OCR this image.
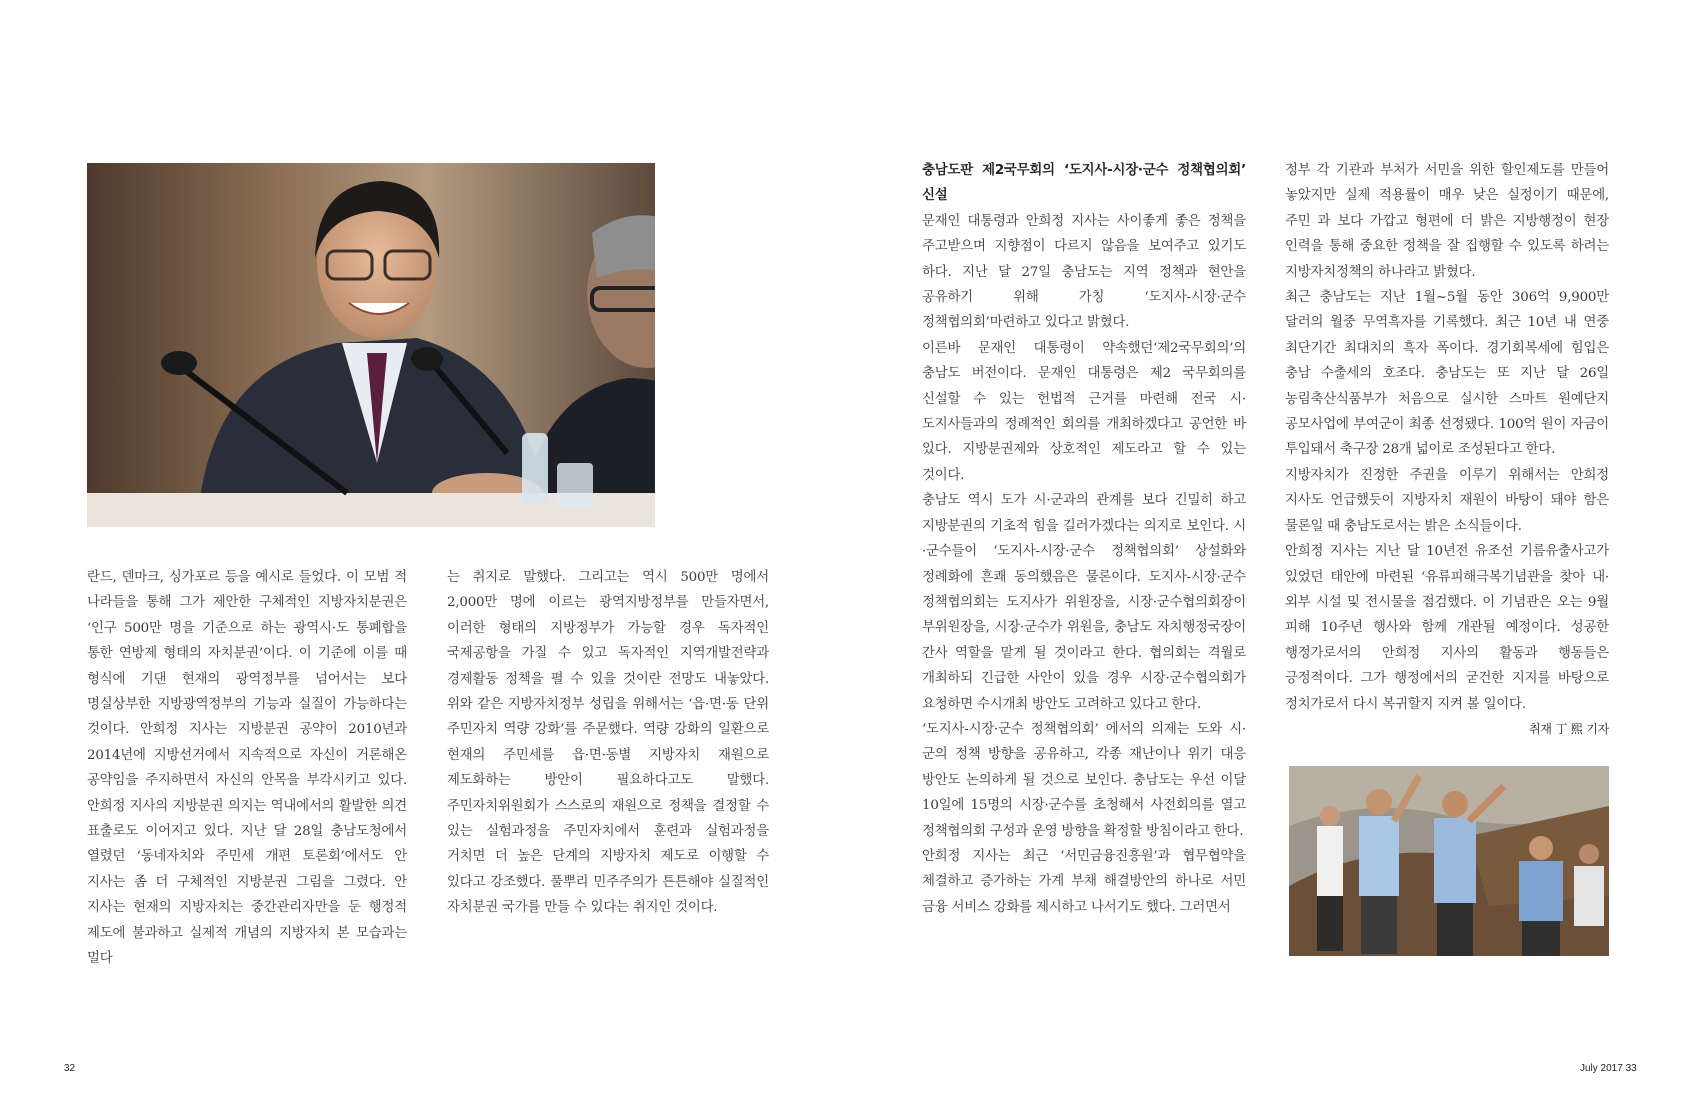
란드, 덴마크, 싱가포르 등을 예시로 들었다. 이 모범 적 나라들을 통해 그가 제안한 구체적인 지방자치분권은 ‘인구 500만 명을 기준으로 하는 광역시·도 통폐합을 통한 연방제 형태의 자치분권’이다. 이 기준에 이를 때 형식에 기댄 현재의 광역정부를 넘어서는 보다 명실상부한 지방광역정부의 기능과 실질이 가능하다는 것이다. 안희정 지사는 지방분권 공약이 2010년과 2014년에 지방선거에서 지속적으로 자신이 거론해온 공약임을 주지하면서 자신의 안목을 부각시키고 있다. 안희정 지사의 지방분권 의지는 역내에서의 활발한 의견 표출로도 이어지고 있다. 지난 달 28일 충남도청에서 열렸던 ‘동네자치와 주민세 개편 토론회’에서도 안 지사는 좀 더 구체적인 지방분권 그림을 그렸다. 안 지사는 현재의 지방자치는 중간관리자만을 둔 행정적 제도에 불과하고 실제적 개념의 지방자치 본 모습과는 멀다

는 취지로 말했다. 그리고는 역시 500만 명에서 2,000만 명에 이르는 광역지방정부를 만들자면서, 이러한 형태의 지방정부가 가능할 경우 독자적인 국제공항을 가질 수 있고 독자적인 지역개발전략과 경제활동 정책을 펼 수 있을 것이란 전망도 내놓았다. 위와 같은 지방자치정부 성립을 위해서는 ‘읍·면·동 단위 주민자치 역량 강화’를 주문했다. 역량 강화의 일환으로 현재의 주민세를 읍·면·동별 지방자치 재원으로 제도화하는 방안이 필요하다고도 말했다. 주민자치위원회가 스스로의 재원으로 정책을 결정할 수 있는 실험과정을 주민자치에서 훈련과 실험과정을 거치면 더 높은 단계의 지방자치 제도로 이행할 수 있다고 강조했다. 풀뿌리 민주주의가 튼튼해야 실질적인 자치분권 국가를 만들 수 있다는 취지인 것이다.

충남도판 제2국무회의 ‘도지사-시장·군수 정책협의회’ 신설

문재인 대통령과 안희정 지사는 사이좋게 좋은 정책을 주고받으며 지향점이 다르지 않음을 보여주고 있기도 하다. 지난 달 27일 충남도는 지역 정책과 현안을 공유하기 위해 가칭 ‘도지사-시장·군수 정책협의회’마련하고 있다고 밝혔다.

이른바 문재인 대통령이 약속했던‘제2국무회의’의 충남도 버전이다. 문재인 대통령은 제2 국무회의를 신설할 수 있는 헌법적 근거를 마련해 전국 시·도지사들과의 정례적인 회의를 개최하겠다고 공언한 바 있다. 지방분권제와 상호적인 제도라고 할 수 있는 것이다.

충남도 역시 도가 시·군과의 관계를 보다 긴밀히 하고 지방분권의 기초적 힘을 길러가겠다는 의지로 보인다. 시·군수들이 ‘도지사-시장·군수 정책협의회’ 상설화와 정례화에 흔쾌 동의했음은 물론이다. 도지사-시장·군수 정책협의회는 도지사가 위원장을, 시장·군수협의회장이 부위원장을, 시장·군수가 위원을, 충남도 자치행정국장이 간사 역할을 맡게 될 것이라고 한다. 협의회는 격월로 개최하되 긴급한 사안이 있을 경우 시장·군수협의회가 요청하면 수시개최 방안도 고려하고 있다고 한다.

‘도지사-시장·군수 정책협의회’ 에서의 의제는 도와 시·군의 정책 방향을 공유하고, 각종 재난이나 위기 대응 방안도 논의하게 될 것으로 보인다. 충남도는 우선 이달 10일에 15명의 시장·군수를 초청해서 사전회의를 열고 정책협의회 구성과 운영 방향을 확정할 방침이라고 한다.

안희정 지사는 최근 ‘서민금융진흥원’과 협무협약을 체결하고 증가하는 가계 부채 해결방안의 하나로 서민 금융 서비스 강화를 제시하고 나서기도 했다. 그러면서

정부 각 기관과 부처가 서민을 위한 할인제도를 만들어 놓았지만 실제 적용률이 매우 낮은 실정이기 때문에, 주민 과 보다 가깝고 형편에 더 밝은 지방행정이 현장 인력을 통해 중요한 정책을 잘 집행할 수 있도록 하려는 지방자치정책의 하나라고 밝혔다.

최근 충남도는 지난 1월~5월 동안 306억 9,900만 달러의 월중 무역흑자를 기록했다. 최근 10년 내 연중 최단기간 최대치의 흑자 폭이다. 경기회복세에 힘입은 충남 수출세의 호조다. 충남도는 또 지난 달 26일 농림축산식품부가 처음으로 실시한 스마트 원예단지 공모사업에 부여군이 최종 선정됐다. 100억 원이 자금이 투입돼서 축구장 28개 넓이로 조성된다고 한다.

지방자치가 진정한 주권을 이루기 위해서는 안희정 지사도 언급했듯이 지방자치 재원이 바탕이 돼야 함은 물론일 때 충남도로서는 밝은 소식들이다.

안희정 지사는 지난 달 10년전 유조선 기름유출사고가 있었던 태안에 마련된 ‘유류피해극복기념관을 찾아 내·외부 시설 및 전시물을 점검했다. 이 기념관은 오는 9월 피해 10주년 행사와 함께 개관될 예정이다. 성공한 행정가로서의 안희정 지사의 활동과 행동들은 긍정적이다. 그가 행정에서의 굳건한 지지를 바탕으로 정치가로서 다시 복귀할지 지켜 볼 일이다.

취재 丁 熙 기자

32	July 2017 33
